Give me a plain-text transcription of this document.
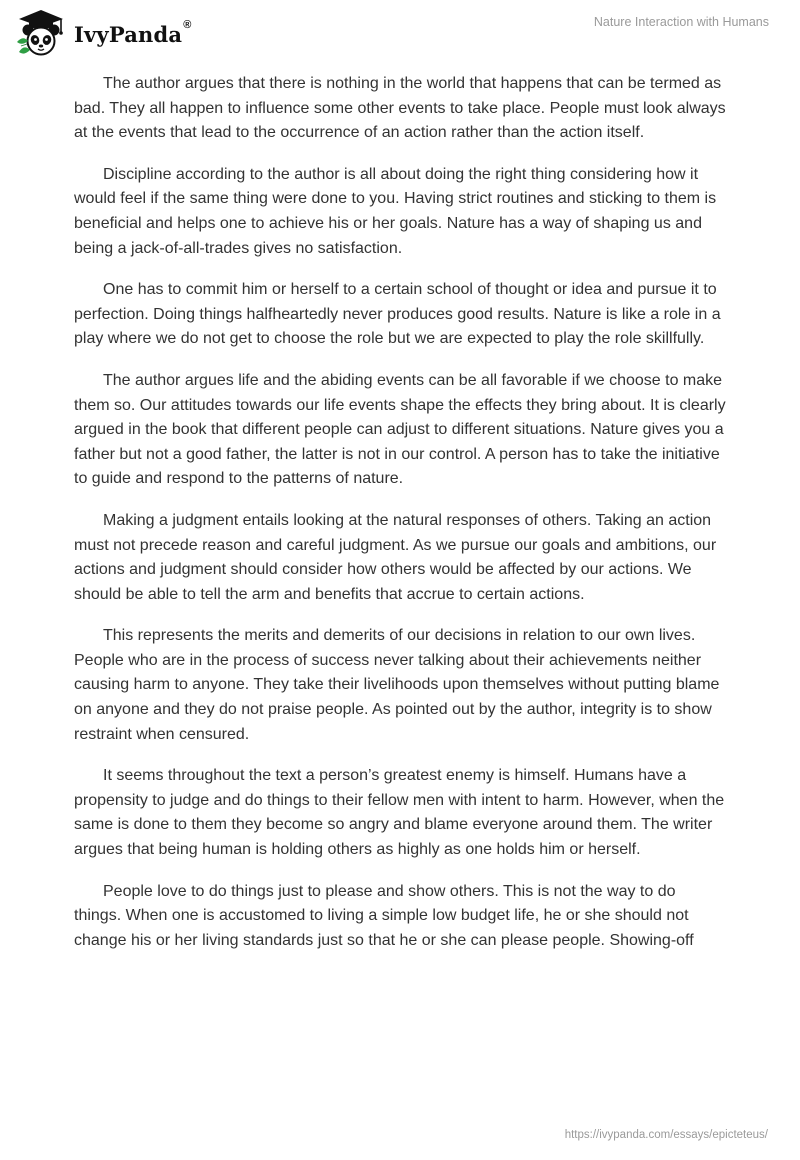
IvyPanda®	Nature Interaction with Humans

The author argues that there is nothing in the world that happens that can be termed as bad. They all happen to influence some other events to take place. People must look always at the events that lead to the occurrence of an action rather than the action itself.

Discipline according to the author is all about doing the right thing considering how it would feel if the same thing were done to you. Having strict routines and sticking to them is beneficial and helps one to achieve his or her goals. Nature has a way of shaping us and being a jack-of-all-trades gives no satisfaction.

One has to commit him or herself to a certain school of thought or idea and pursue it to perfection. Doing things halfheartedly never produces good results. Nature is like a role in a play where we do not get to choose the role but we are expected to play the role skillfully.

The author argues life and the abiding events can be all favorable if we choose to make them so. Our attitudes towards our life events shape the effects they bring about. It is clearly argued in the book that different people can adjust to different situations. Nature gives you a father but not a good father, the latter is not in our control. A person has to take the initiative to guide and respond to the patterns of nature.

Making a judgment entails looking at the natural responses of others. Taking an action must not precede reason and careful judgment. As we pursue our goals and ambitions, our actions and judgment should consider how others would be affected by our actions. We should be able to tell the arm and benefits that accrue to certain actions.

This represents the merits and demerits of our decisions in relation to our own lives. People who are in the process of success never talking about their achievements neither causing harm to anyone. They take their livelihoods upon themselves without putting blame on anyone and they do not praise people. As pointed out by the author, integrity is to show restraint when censured.

It seems throughout the text a person’s greatest enemy is himself. Humans have a propensity to judge and do things to their fellow men with intent to harm. However, when the same is done to them they become so angry and blame everyone around them. The writer argues that being human is holding others as highly as one holds him or herself.

People love to do things just to please and show others. This is not the way to do things. When one is accustomed to living a simple low budget life, he or she should not change his or her living standards just so that he or she can please people. Showing-off

https://ivypanda.com/essays/epicteteus/
